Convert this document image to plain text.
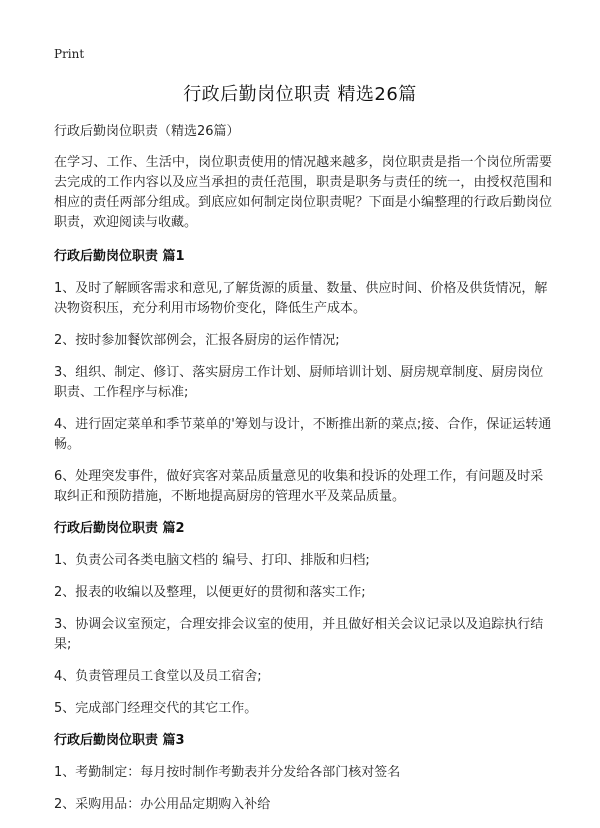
Print
行政后勤岗位职责 精选26篇

行政后勤岗位职责（精选26篇）

在学习、工作、生活中，岗位职责使用的情况越来越多，岗位职责是指一个岗位所需要去完成的工作内容以及应当承担的责任范围，职责是职务与责任的统一，由授权范围和相应的责任两部分组成。到底应如何制定岗位职责呢？下面是小编整理的行政后勤岗位职责，欢迎阅读与收藏。

行政后勤岗位职责 篇1

1、及时了解顾客需求和意见,了解货源的质量、数量、供应时间、价格及供货情况，解决物资积压，充分利用市场物价变化，降低生产成本。

2、按时参加餐饮部例会，汇报各厨房的运作情况;

3、组织、制定、修订、落实厨房工作计划、厨师培训计划、厨房规章制度、厨房岗位职责、工作程序与标准;

4、进行固定菜单和季节菜单的'筹划与设计，不断推出新的菜点;接、合作，保证运转通畅。

6、处理突发事件，做好宾客对菜品质量意见的收集和投诉的处理工作，有问题及时采取纠正和预防措施，不断地提高厨房的管理水平及菜品质量。

行政后勤岗位职责 篇2

1、负责公司各类电脑文档的 编号、打印、排版和归档;

2、报表的收编以及整理，以便更好的贯彻和落实工作;

3、协调会议室预定，合理安排会议室的使用，并且做好相关会议记录以及追踪执行结果;

4、负责管理员工食堂以及员工宿舍;

5、完成部门经理交代的其它工作。

行政后勤岗位职责 篇3

1、考勤制定：每月按时制作考勤表并分发给各部门核对签名

2、采购用品：办公用品定期购入补给
